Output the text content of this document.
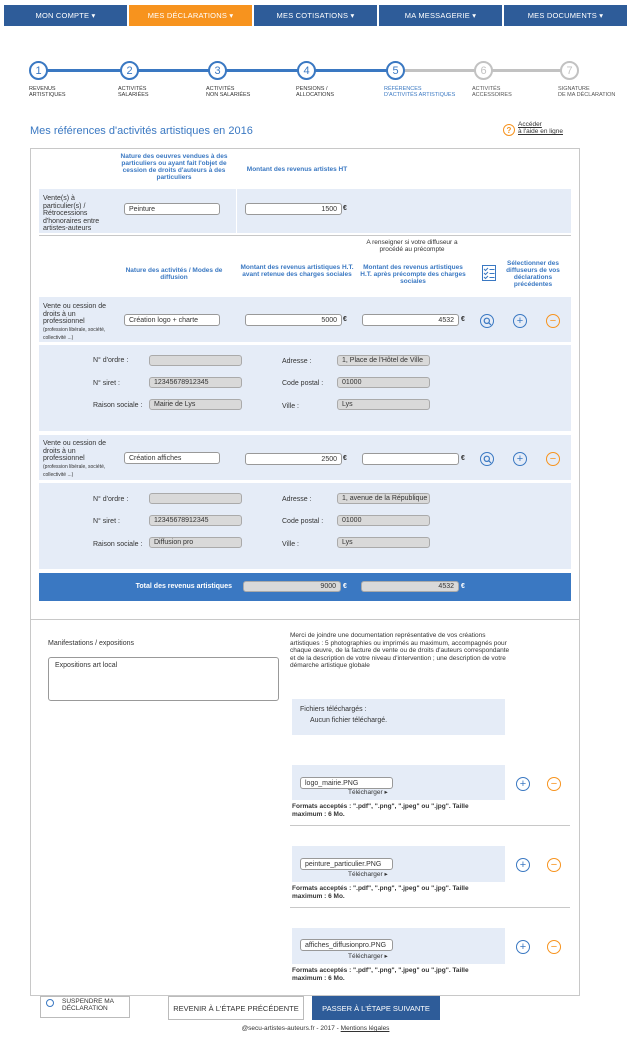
MON COMPTE
▾	MES DÉCLARATIONS
▾	MES COTISATIONS
▾	MA MESSAGERIE
▾	MES DOCUMENTS
▾
1	2	3	4	5	6	7
REVENUS
ARTISTIQUES
ACTIVITÉS
SALARIÉES
ACTIVITÉS
NON SALARIÉES
PENSIONS /
ALLOCATIONS
RÉFÉRENCES
D'ACTIVITÉS ARTISTIQUES
ACTIVITÉS
ACCESSOIRES
SIGNATURE
DE MA DÉCLARATION
Mes références d'activités artistiques en 2016	?
Accéder
à l'aide en ligne
Nature des oeuvres vendues à des particuliers ou ayant fait l'objet de cession de droits d'auteurs à des particuliers
Montant des revenus artistes HT
Vente(s) à particulier(s) / Rétrocessions d'honoraires entre artistes-auteurs
Peinture	1500 €
A renseigner si votre diffuseur a procédé au précompte
Nature des activités / Modes de diffusion
Montant des revenus artistiques H.T. avant retenue des charges sociales
Montant des revenus artistiques H.T. après précompte des charges sociales
Sélectionner des diffuseurs de vos déclarations précédentes
Vente ou cession de droits à un professionnel
(profession libérale, société, collectivité ...)
Création logo + charte	5000 €	4532	€	+	−
N° d'ordre :
N° siret :	12345678912345
Raison sociale :	Mairie de Lys
Adresse :	1, Place de l'Hôtel de Ville
Code postal :	01000
Ville :	Lys
Vente ou cession de droits à un professionnel
(profession libérale, société, collectivité ...)
Création affiches	2500 €	€	+	−
N° d'ordre :
N° siret :	12345678912345
Raison sociale :	Diffusion pro
Adresse :	1, avenue de la République
Code postal :	01000
Ville :	Lys
Total des revenus artistiques	9000	€	4532	€
Manifestations / expositions
Expositions art local
Merci de joindre une documentation représentative de vos créations artistiques : 5 photographies ou imprimés au maximum, accompagnés pour chaque œuvre, de la facture de vente ou de droits d'auteurs correspondante et de la description de votre niveau d'intervention ; une description de votre démarche artistique globale
Fichiers téléchargés :
Aucun fichier téléchargé.
logo_mairie.PNG
Télécharger ▸
Formats acceptés : ".pdf", ".png", ".jpeg" ou ".jpg". Taille maximum : 6 Mo.
+	−
peinture_particulier.PNG
Télécharger ▸
Formats acceptés : ".pdf", ".png", ".jpeg" ou ".jpg". Taille maximum : 6 Mo.
+	−
affiches_diffusionpro.PNG
Télécharger ▸
Formats acceptés : ".pdf", ".png", ".jpeg" ou ".jpg". Taille maximum : 6 Mo.
+	−
SUSPENDRE MA DÉCLARATION	REVENIR À L'ÉTAPE PRÉCÉDENTE	PASSER À L'ÉTAPE SUIVANTE
@secu-artistes-auteurs.fr - 2017 - Mentions légales
